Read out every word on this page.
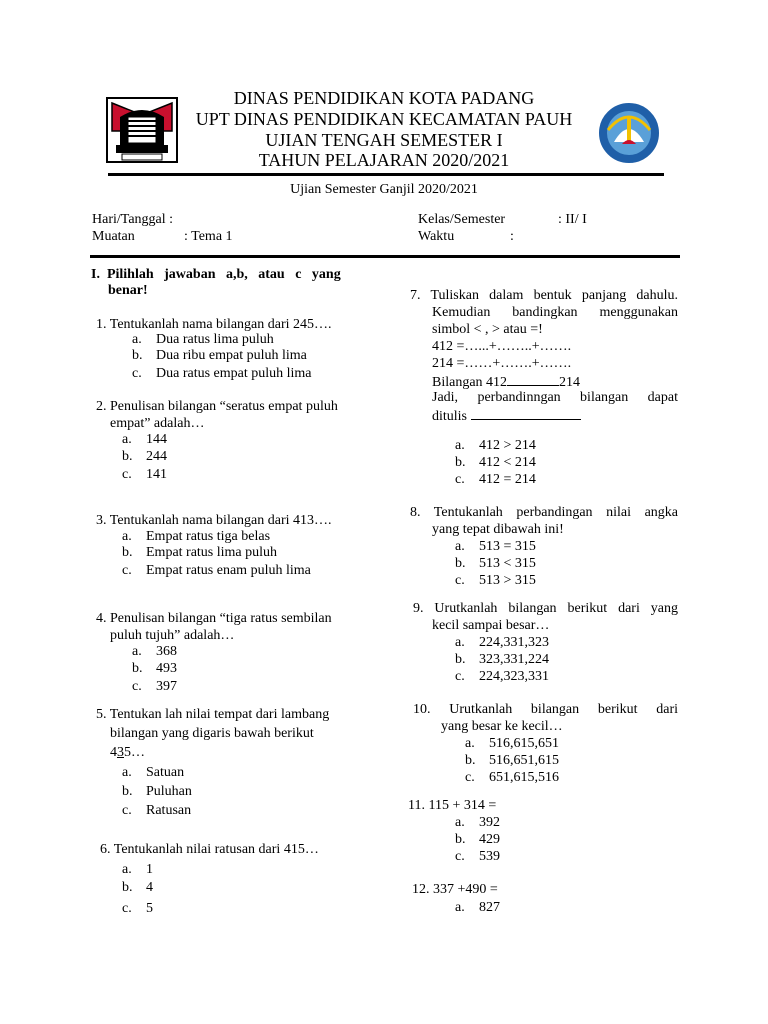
DINAS PENDIDIKAN KOTA PADANG
UPT DINAS PENDIDIKAN KECAMATAN PAUH
UJIAN TENGAH SEMESTER I
TAHUN PELAJARAN 2020/2021
Ujian Semester Ganjil 2020/2021
Hari/Tanggal :
Muatan	: Tema 1
Kelas/Semester	: II/ I
Waktu	:
I.  Pilihlah   jawaban   a,b,   atau   c   yang
benar!
1. Tentukanlah nama bilangan dari 245….
a. Dua ratus lima puluh
b. Dua ribu empat puluh lima
c. Dua ratus empat puluh lima
2. Penulisan bilangan “seratus empat puluh
empat” adalah…
a. 144
b. 244
c. 141
3. Tentukanlah nama bilangan dari 413….
a. Empat ratus tiga belas
b. Empat ratus lima puluh
c. Empat ratus enam puluh lima
4. Penulisan bilangan “tiga ratus sembilan
puluh tujuh” adalah…
a. 368
b. 493
c. 397
5. Tentukan lah nilai tempat dari lambang
bilangan yang digaris bawah berikut
435…
a. Satuan
b. Puluhan
c. Ratusan
6. Tentukanlah nilai ratusan dari 415…
a. 1
b. 4
c. 5
7. Tuliskan dalam bentuk panjang dahulu.
Kemudian bandingkan menggunakan
simbol < , > atau =!
412 =…...+……..+…….
214 =……+…….+…….
Bilangan 412	214
Jadi, perbandinngan bilangan dapat
ditulis
a. 412 > 214
b. 412 < 214
c. 412 = 214
8. Tentukanlah perbandingan nilai angka
yang tepat dibawah ini!
a. 513 = 315
b. 513 < 315
c. 513 > 315
9. Urutkanlah bilangan berikut dari yang
kecil sampai besar…
a. 224,331,323
b. 323,331,224
c. 224,323,331
10. Urutkanlah bilangan berikut dari
yang besar ke kecil…
a. 516,615,651
b. 516,651,615
c. 651,615,516
11. 115 + 314 =
a. 392
b. 429
c. 539
12. 337 +490 =
a. 827
